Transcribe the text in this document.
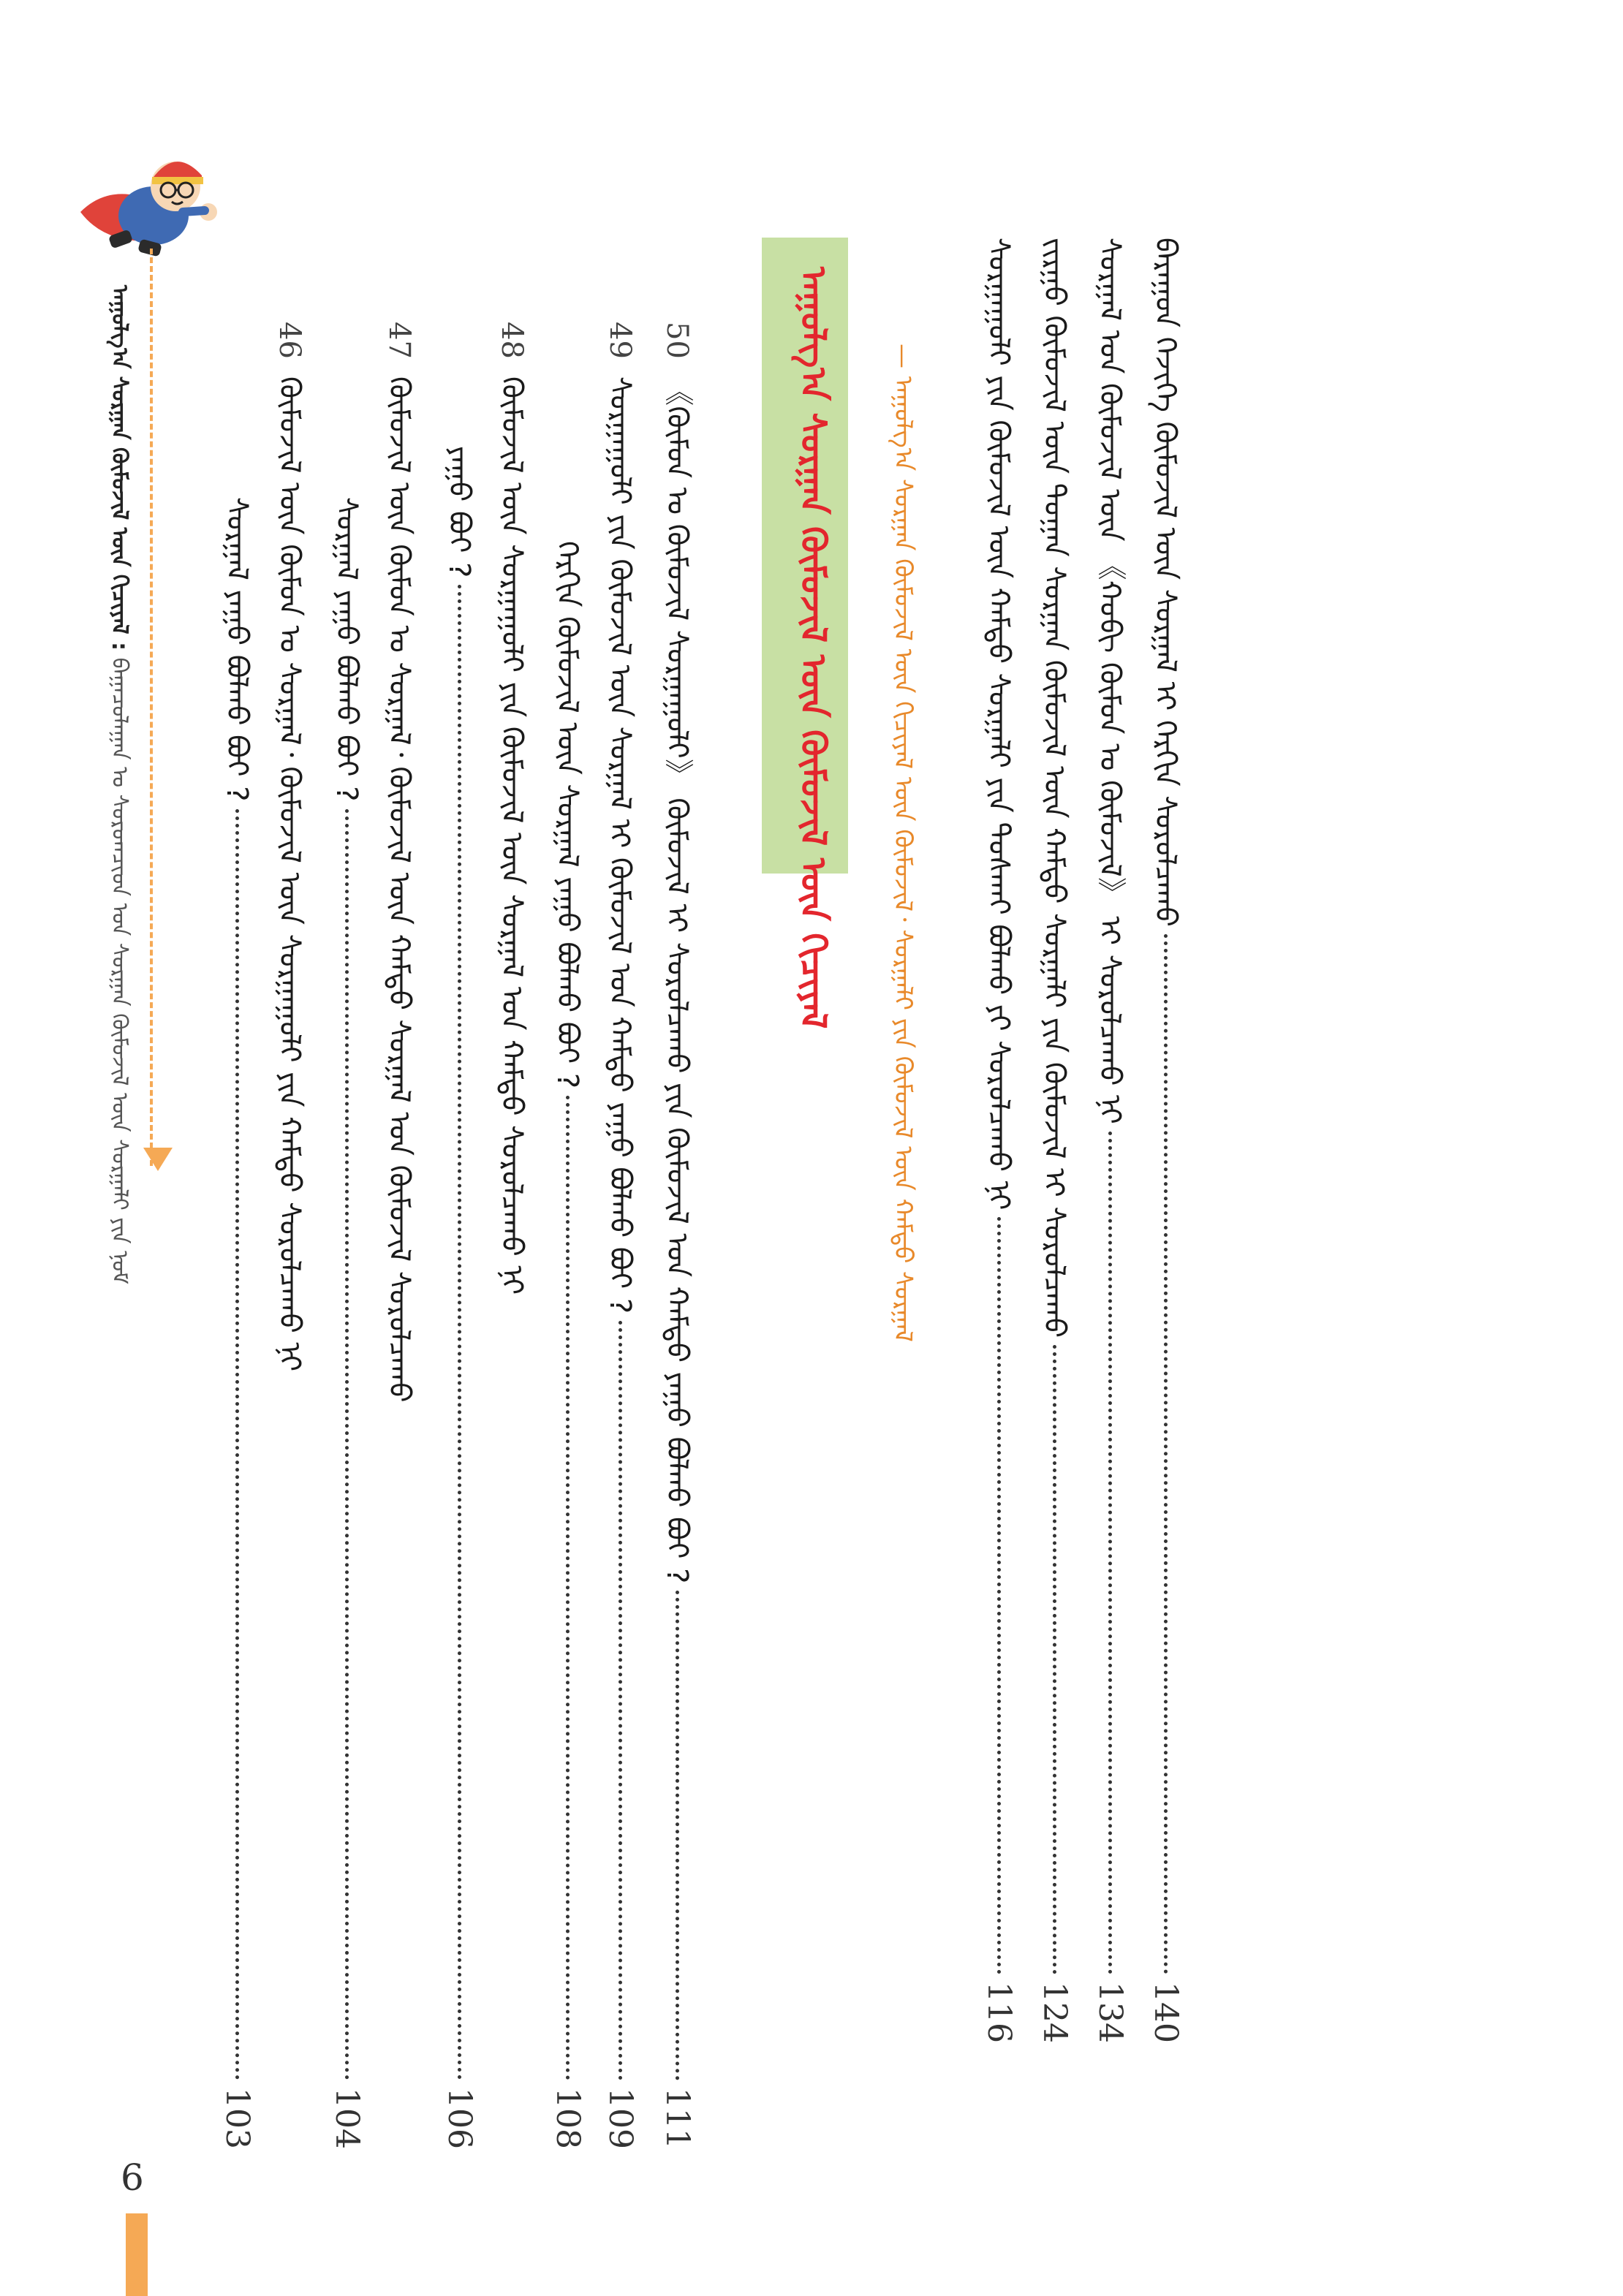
ᠠᠭᠤᠯᠭ᠎ᠠ ᠰᠤᠷᠭᠠᠨ ᠬᠦᠮᠦᠵᠢᠯ ᠦᠨ ᠬᠢᠴᠢᠶᠡᠯ : ᠪᠠᠭᠠᠴᠤᠯᠠᠭᠠᠨ ᠤ ᠰᠤᠷᠤᠭᠴᠢᠳ ᠤᠨ ᠰᠤᠷᠭᠠᠨ ᠬᠦᠮᠦᠵᠢᠯ ᠦᠨ ᠰᠤᠷᠭᠠᠯᠢ ᠶᠢᠨ ᠨᠣᠮ
50
《ᠬᠦᠮᠦᠨ ᠤ ᠬᠦᠮᠦᠵᠢᠯ ᠰᠤᠷᠭᠠᠭᠤᠯᠢ》 ᠬᠦᠮᠦᠵᠢᠯ ᠢ ᠰᠤᠷᠤᠯᠴᠠᠬᠤ ᠶᠢᠨ ᠬᠦᠮᠦᠵᠢᠯ ᠤᠨ ᠬᠠᠮᠲᠤ ᠶᠠᠭᠤ ᠪᠣᠯᠬᠤ ᠪᠤᠢ ?
111
49
ᠰᠤᠷᠭᠠᠭᠤᠯᠢ ᠶᠢᠨ ᠬᠦᠮᠦᠵᠢᠯ ᠦᠨ ᠰᠤᠷᠭᠠᠯ ᠢ ᠬᠦᠮᠦᠵᠢᠯ ᠤᠨ ᠬᠠᠮᠲᠤ ᠶᠠᠭᠤ ᠪᠣᠯᠬᠤ ᠪᠤᠢ ?
109
ᠬᠡᠷᠬᠢᠨ ᠬᠦᠮᠦᠵᠢᠯ ᠦᠨ ᠰᠤᠷᠭᠠᠯ ᠶᠠᠭᠤ ᠪᠣᠯᠬᠤ ᠪᠤᠢ ?
108
48
ᠬᠦᠮᠦᠵᠢᠯ ᠦᠨ ᠰᠤᠷᠭᠠᠭᠤᠯᠢ ᠶᠢᠨ ᠬᠦᠮᠦᠵᠢᠯ ᠦᠨ ᠰᠤᠷᠭᠠᠯ ᠤᠨ ᠬᠠᠮᠲᠤ ᠰᠤᠷᠤᠯᠴᠠᠬᠤ ᠨᠢ
ᠶᠠᠭᠤ ᠪᠤᠢ ?
106
47
ᠬᠦᠮᠦᠵᠢᠯ ᠦᠨ ᠬᠦᠮᠦᠨ ᠤ ᠰᠤᠷᠭᠠᠯ᠂ ᠬᠦᠮᠦᠵᠢᠯ ᠦᠨ ᠬᠠᠮᠲᠤ ᠰᠤᠷᠭᠠᠯ ᠤᠨ ᠬᠦᠮᠦᠵᠢᠯ ᠰᠤᠷᠤᠯᠴᠠᠬᠤ
ᠰᠤᠷᠭᠠᠯ ᠶᠠᠭᠤ ᠪᠣᠯᠬᠤ ᠪᠤᠢ ?
104
46
ᠬᠦᠮᠦᠵᠢᠯ ᠦᠨ ᠬᠦᠮᠦᠨ ᠤ ᠰᠤᠷᠭᠠᠯ᠂ ᠬᠦᠮᠦᠵᠢᠯ ᠦᠨ ᠰᠤᠷᠭᠠᠭᠤᠯᠢ ᠶᠢᠨ ᠬᠠᠮᠲᠤ ᠰᠤᠷᠤᠯᠴᠠᠬᠤ ᠨᠢ
ᠰᠤᠷᠭᠠᠯ ᠶᠠᠭᠤ ᠪᠣᠯᠬᠤ ᠪᠤᠢ ?
103
ᠠᠭᠤᠯᠭ᠎ᠠ ᠰᠤᠷᠭᠠᠨ ᠬᠦᠮᠦᠵᠢᠯ ᠦᠨ ᠬᠦᠮᠦᠵᠢᠯ ᠦᠨ ᠬᠢᠴᠢᠶᠡᠯ	— ᠠᠭᠤᠯᠭ᠎ᠠ ᠰᠤᠷᠭᠠᠨ ᠬᠦᠮᠦᠵᠢᠯ ᠦᠨ ᠬᠢᠴᠢᠶᠡᠯ ᠦᠨ ᠬᠦᠮᠦᠵᠢᠯ᠂ ᠰᠤᠷᠭᠠᠯᠢ ᠶᠢᠨ ᠬᠦᠮᠦᠵᠢᠯ ᠦᠨ ᠬᠠᠮᠲᠤ ᠰᠤᠷᠭᠠᠯ ᠰᠤᠷᠭᠠᠭᠤᠯᠢ ᠶᠢᠨ ᠬᠦᠮᠦᠵᠢᠯ ᠦᠨ ᠬᠠᠮᠲᠤ ᠰᠤᠷᠭᠠᠯᠢ ᠶᠢᠨ ᠲᠤᠰᠬᠠᠶ ᠪᠣᠯᠬᠤ ᠶᠢ ᠰᠤᠷᠤᠯᠴᠠᠬᠤ ᠨᠢ
116
ᠵᠢᠷᠭᠤ ᠬᠦᠮᠦᠵᠢᠯ ᠦᠨ ᠲᠣᠭᠠᠨ ᠰᠤᠷᠭᠠᠨ ᠬᠦᠮᠦᠵᠢᠯ ᠦᠨ ᠬᠠᠮᠲᠤ ᠰᠤᠷᠭᠠᠯᠢ ᠶᠢᠨ ᠬᠦᠮᠦᠵᠢᠯ ᠢ ᠰᠤᠷᠤᠯᠴᠠᠬᠤ
124
ᠰᠤᠷᠭᠠᠯ ᠤᠨ ᠬᠦᠮᠦᠵᠢᠯ ᠦᠨ 《ᠬᠤᠪᠢ ᠬᠦᠮᠦᠨ ᠤ ᠬᠦᠮᠦᠵᠢᠯ》 ᠢ ᠰᠤᠷᠤᠯᠴᠠᠬᠤ ᠨᠢ
134
ᠪᠠᠷᠠᠭᠤᠨ ᠭᠡᠵᠢᠭᠡ ᠬᠦᠮᠦᠵᠢᠯ ᠦᠨ ᠰᠤᠷᠭᠠᠯ ᠢ ᠬᠡᠷᠬᠢᠨ ᠰᠤᠷᠤᠯᠴᠠᠬᠤ
140
6
